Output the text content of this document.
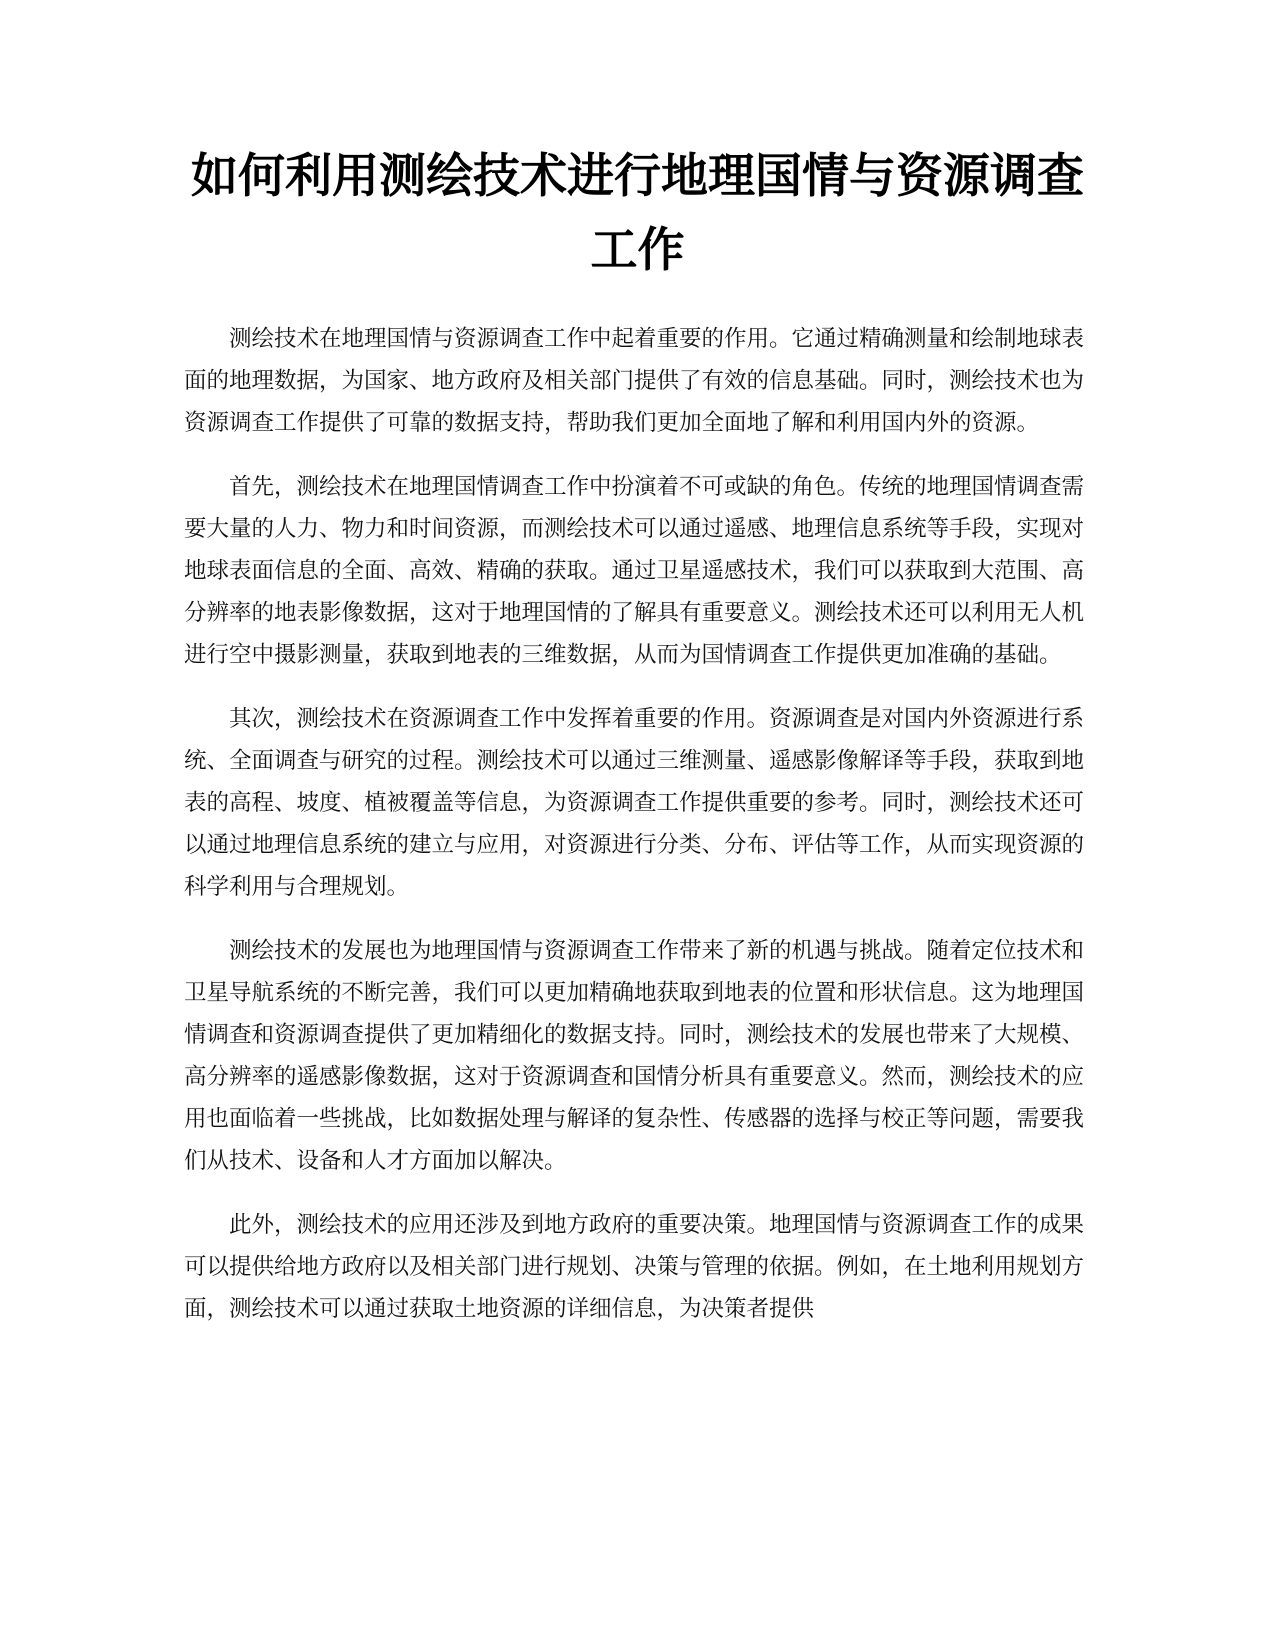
如何利用测绘技术进行地理国情与资源调查工作

测绘技术在地理国情与资源调查工作中起着重要的作用。它通过精确测量和绘制地球表面的地理数据，为国家、地方政府及相关部门提供了有效的信息基础。同时，测绘技术也为资源调查工作提供了可靠的数据支持，帮助我们更加全面地了解和利用国内外的资源。

首先，测绘技术在地理国情调查工作中扮演着不可或缺的角色。传统的地理国情调查需要大量的人力、物力和时间资源，而测绘技术可以通过遥感、地理信息系统等手段，实现对地球表面信息的全面、高效、精确的获取。通过卫星遥感技术，我们可以获取到大范围、高分辨率的地表影像数据，这对于地理国情的了解具有重要意义。测绘技术还可以利用无人机进行空中摄影测量，获取到地表的三维数据，从而为国情调查工作提供更加准确的基础。

其次，测绘技术在资源调查工作中发挥着重要的作用。资源调查是对国内外资源进行系统、全面调查与研究的过程。测绘技术可以通过三维测量、遥感影像解译等手段，获取到地表的高程、坡度、植被覆盖等信息，为资源调查工作提供重要的参考。同时，测绘技术还可以通过地理信息系统的建立与应用，对资源进行分类、分布、评估等工作，从而实现资源的科学利用与合理规划。

测绘技术的发展也为地理国情与资源调查工作带来了新的机遇与挑战。随着定位技术和卫星导航系统的不断完善，我们可以更加精确地获取到地表的位置和形状信息。这为地理国情调查和资源调查提供了更加精细化的数据支持。同时，测绘技术的发展也带来了大规模、高分辨率的遥感影像数据，这对于资源调查和国情分析具有重要意义。然而，测绘技术的应用也面临着一些挑战，比如数据处理与解译的复杂性、传感器的选择与校正等问题，需要我们从技术、设备和人才方面加以解决。

此外，测绘技术的应用还涉及到地方政府的重要决策。地理国情与资源调查工作的成果可以提供给地方政府以及相关部门进行规划、决策与管理的依据。例如，在土地利用规划方面，测绘技术可以通过获取土地资源的详细信息，为决策者提供
